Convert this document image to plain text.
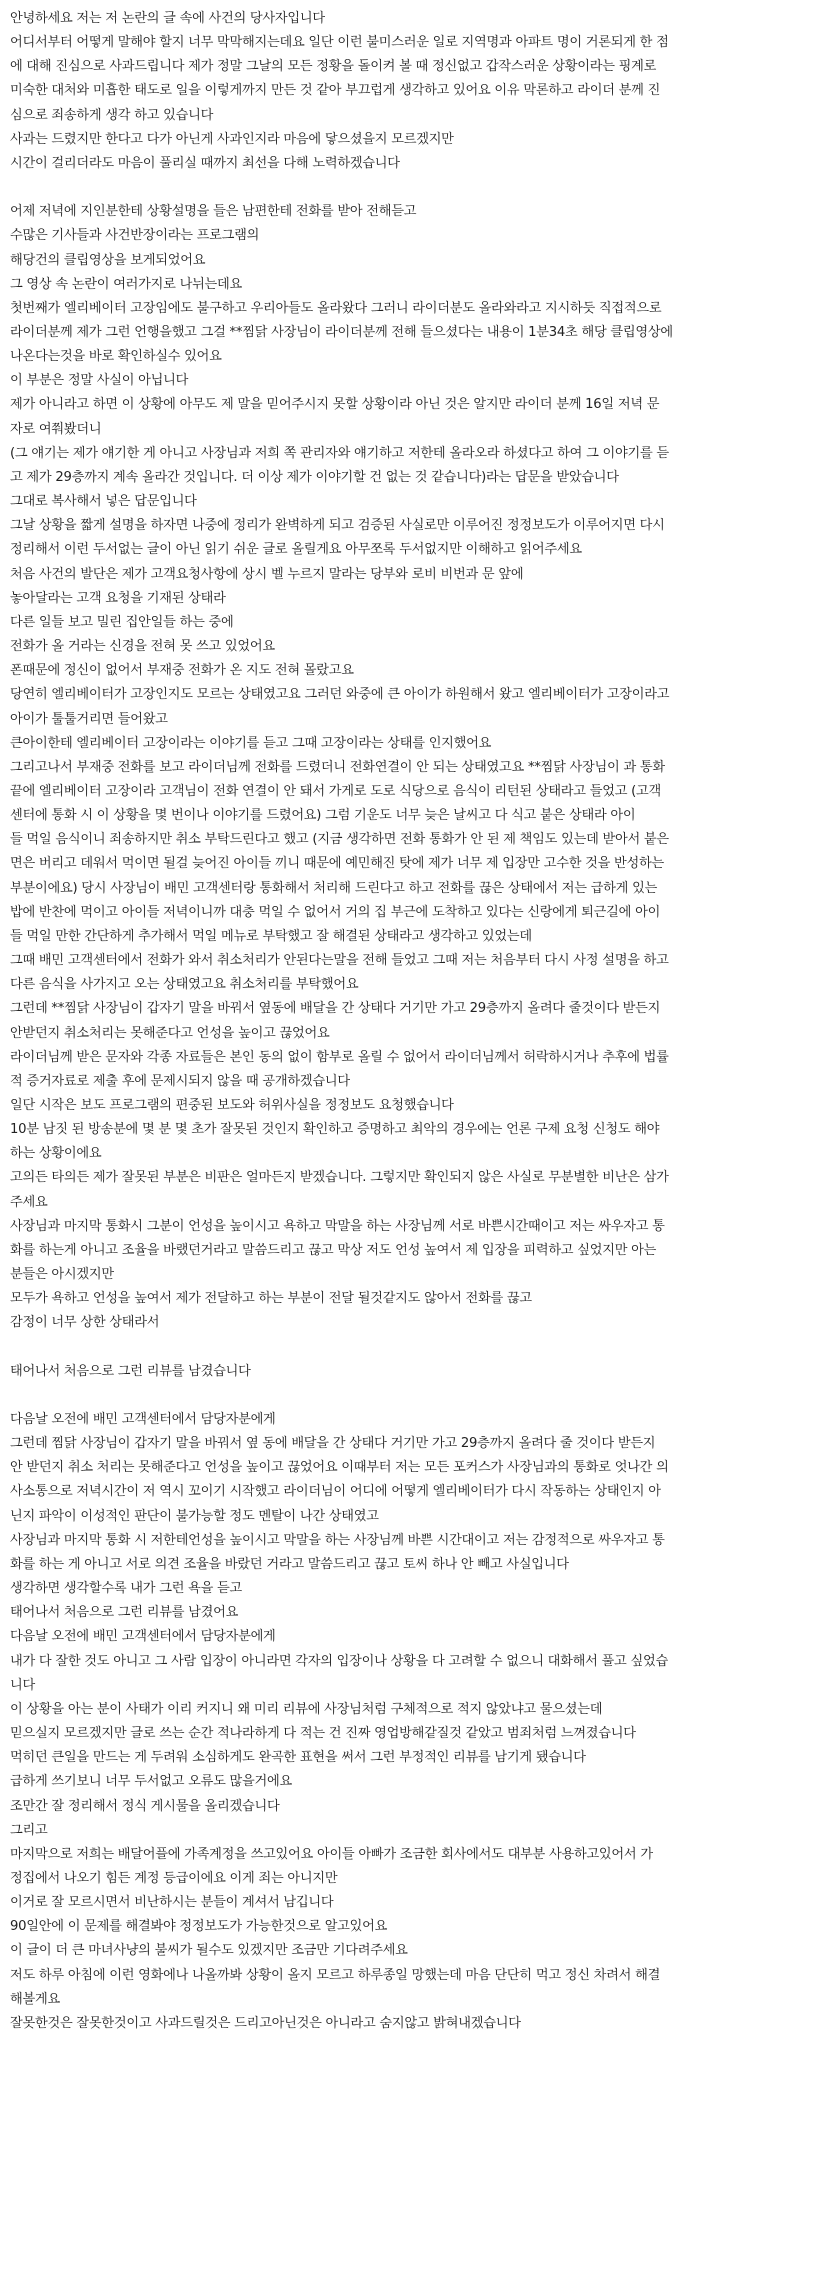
안녕하세요 저는 저 논란의 글 속에 사건의 당사자입니다
어디서부터 어떻게 말해야 할지 너무 막막해지는데요 일단 이런 불미스러운 일로 지역명과 아파트 명이 거론되게 한 점
에 대해 진심으로 사과드립니다 제가 정말 그날의 모든 정황을 돌이켜 볼 때 정신없고 갑작스러운 상황이라는 핑계로
미숙한 대처와 미흡한 태도로 일을 이렇게까지 만든 것 같아 부끄럽게 생각하고 있어요 이유 막론하고 라이더 분께 진
심으로 죄송하게 생각 하고 있습니다
사과는 드렸지만 한다고 다가 아닌게 사과인지라 마음에 닿으셨을지 모르겠지만
시간이 걸리더라도 마음이 풀리실 때까지 최선을 다해 노력하겠습니다
어제 저녁에 지인분한테 상황설명을 들은 남편한테 전화를 받아 전해듣고
수많은 기사들과 사건반장이라는 프로그램의
해당건의 클립영상을 보게되었어요
그 영상 속 논란이 여러가지로 나뉘는데요
첫번째가 엘리베이터 고장임에도 불구하고 우리아들도 올라왔다 그러니 라이더분도 올라와라고 지시하듯 직접적으로
라이더분께 제가 그런 언행을했고 그걸 **찜닭 사장님이 라이더분께 전해 들으셨다는 내용이 1분34초 해당 클립영상에
나온다는것을 바로 확인하실수 있어요
이 부분은 정말 사실이 아닙니다
제가 아니라고 하면 이 상황에 아무도 제 말을 믿어주시지 못할 상황이라 아닌 것은 알지만 라이더 분께 16일 저녁 문
자로 여쭤봤더니
(그 얘기는 제가 얘기한 게 아니고 사장님과 저희 쪽 관리자와 얘기하고 저한테 올라오라 하셨다고 하여 그 이야기를 듣
고 제가 29층까지 계속 올라간 것입니다. 더 이상 제가 이야기할 건 없는 것 같습니다)라는 답문을 받았습니다
그대로 복사해서 넣은 답문입니다
그날 상황을 짧게 설명을 하자면 나중에 정리가 완벽하게 되고 검증된 사실로만 이루어진 정정보도가 이루어지면 다시
정리해서 이런 두서없는 글이 아닌 읽기 쉬운 글로 올릴게요 아무쪼록 두서없지만 이해하고 읽어주세요
처음 사건의 발단은 제가 고객요청사항에 상시 벨 누르지 말라는 당부와 로비 비번과 문 앞에
놓아달라는 고객 요청을 기재된 상태라
다른 일들 보고 밀린 집안일들 하는 중에
전화가 올 거라는 신경을 전혀 못 쓰고 있었어요
폰때문에 정신이 없어서 부재중 전화가 온 지도 전혀 몰랐고요
당연히 엘리베이터가 고장인지도 모르는 상태였고요 그러던 와중에 큰 아이가 하원해서 왔고 엘리베이터가 고장이라고
아이가 툴툴거리면 들어왔고
큰아이한테 엘리베이터 고장이라는 이야기를 듣고 그때 고장이라는 상태를 인지했어요
그리고나서 부재중 전화를 보고 라이더님께 전화를 드렸더니 전화연결이 안 되는 상태였고요 **찜닭 사장님이 과 통화
끝에 엘리베이터 고장이라 고객님이 전화 연결이 안 돼서 가게로 도로 식당으로 음식이 리턴된 상태라고 들었고 (고객
센터에 통화 시 이 상황을 몇 번이나 이야기를 드렸어요) 그럼 기운도 너무 늦은 날씨고 다 식고 붙은 상태라 아이
들 먹일 음식이니 죄송하지만 취소 부탁드린다고 했고 (지금 생각하면 전화 통화가 안 된 제 책임도 있는데 받아서 붙은
면은 버리고 데워서 먹이면 될걸 늦어진 아이들 끼니 때문에 예민해진 탓에 제가 너무 제 입장만 고수한 것을 반성하는
부분이에요) 당시 사장님이 배민 고객센터랑 통화해서 처리해 드린다고 하고 전화를 끊은 상태에서 저는 급하게 있는
밥에 반찬에 먹이고 아이들 저녁이니까 대충 먹일 수 없어서 거의 집 부근에 도착하고 있다는 신랑에게 퇴근길에 아이
들 먹일 만한 간단하게 추가해서 먹일 메뉴로 부탁했고 잘 해결된 상태라고 생각하고 있었는데
그때 배민 고객센터에서 전화가 와서 취소처리가 안된다는말을 전해 들었고 그때 저는 처음부터 다시 사정 설명을 하고
다른 음식을 사가지고 오는 상태였고요 취소처리를 부탁했어요
그런데 **찜닭 사장님이 갑자기 말을 바꿔서 옆동에 배달을 간 상태다 거기만 가고 29층까지 올려다 줄것이다 받든지
안받던지 취소처리는 못해준다고 언성을 높이고 끊었어요
라이더님께 받은 문자와 각종 자료들은 본인 동의 없이 함부로 올릴 수 없어서 라이더님께서 허락하시거나 추후에 법률
적 증거자료로 제출 후에 문제시되지 않을 때 공개하겠습니다
일단 시작은 보도 프로그램의 편중된 보도와 허위사실을 정정보도 요청했습니다
10분 남짓 된 방송분에 몇 분 몇 초가 잘못된 것인지 확인하고 증명하고 최악의 경우에는 언론 구제 요청 신청도 해야
하는 상황이에요
고의든 타의든 제가 잘못된 부분은 비판은 얼마든지 받겠습니다. 그렇지만 확인되지 않은 사실로 무분별한 비난은 삼가
주세요
사장님과 마지막 통화시 그분이 언성을 높이시고 욕하고 막말을 하는 사장님께 서로 바쁜시간때이고 저는 싸우자고 통
화를 하는게 아니고 조율을 바랬던거라고 말씀드리고 끊고 막상 저도 언성 높여서 제 입장을 피력하고 싶었지만 아는
분들은 아시겠지만
모두가 욕하고 언성을 높여서 제가 전달하고 하는 부분이 전달 될것같지도 않아서 전화를 끊고
감정이 너무 상한 상태라서
태어나서 처음으로 그런 리뷰를 남겼습니다
다음날 오전에 배민 고객센터에서 담당자분에게
그런데 찜닭 사장님이 갑자기 말을 바꿔서 옆 동에 배달을 간 상태다 거기만 가고 29층까지 올려다 줄 것이다 받든지
안 받던지 취소 처리는 못해준다고 언성을 높이고 끊었어요 이때부터 저는 모든 포커스가 사장님과의 통화로 엇나간 의
사소통으로 저녁시간이 저 역시 꼬이기 시작했고 라이더님이 어디에 어떻게 엘리베이터가 다시 작동하는 상태인지 아
닌지 파악이 이성적인 판단이 불가능할 정도 멘탈이 나간 상태였고
사장님과 마지막 통화 시 저한테언성을 높이시고 막말을 하는 사장님께 바쁜 시간대이고 저는 감정적으로 싸우자고 통
화를 하는 게 아니고 서로 의견 조율을 바랐던 거라고 말씀드리고 끊고 토씨 하나 안 빼고 사실입니다
생각하면 생각할수록 내가 그런 욕을 듣고
태어나서 처음으로 그런 리뷰를 남겼어요
다음날 오전에 배민 고객센터에서 담당자분에게
내가 다 잘한 것도 아니고 그 사람 입장이 아니라면 각자의 입장이나 상황을 다 고려할 수 없으니 대화해서 풀고 싶었습
니다
이 상황을 아는 분이 사태가 이리 커지니 왜 미리 리뷰에 사장님처럼 구체적으로 적지 않았냐고 물으셨는데
믿으실지 모르겠지만 글로 쓰는 순간 적나라하게 다 적는 건 진짜 영업방해같질것 같았고 범죄처럼 느껴졌습니다
먹히던 큰일을 만드는 게 두려워 소심하게도 완곡한 표현을 써서 그런 부정적인 리뷰를 남기게 됐습니다
급하게 쓰기보니 너무 두서없고 오류도 많을거에요
조만간 잘 정리해서 정식 게시물을 올리겠습니다
그리고
마지막으로 저희는 배달어플에 가족계정을 쓰고있어요 아이들 아빠가 조금한 회사에서도 대부분 사용하고있어서 가
정집에서 나오기 힘든 계정 등급이에요 이게 죄는 아니지만
이거로 잘 모르시면서 비난하시는 분들이 계셔서 남깁니다
90일안에 이 문제를 해결봐야 정정보도가 가능한것으로 알고있어요
이 글이 더 큰 마녀사냥의 불씨가 될수도 있겠지만 조금만 기다려주세요
저도 하루 아침에 이런 영화에나 나올까봐 상황이 올지 모르고 하루종일 망했는데 마음 단단히 먹고 정신 차려서 해결
해볼게요
잘못한것은 잘못한것이고 사과드릴것은 드리고아닌것은 아니라고 숨지않고 밝혀내겠습니다
